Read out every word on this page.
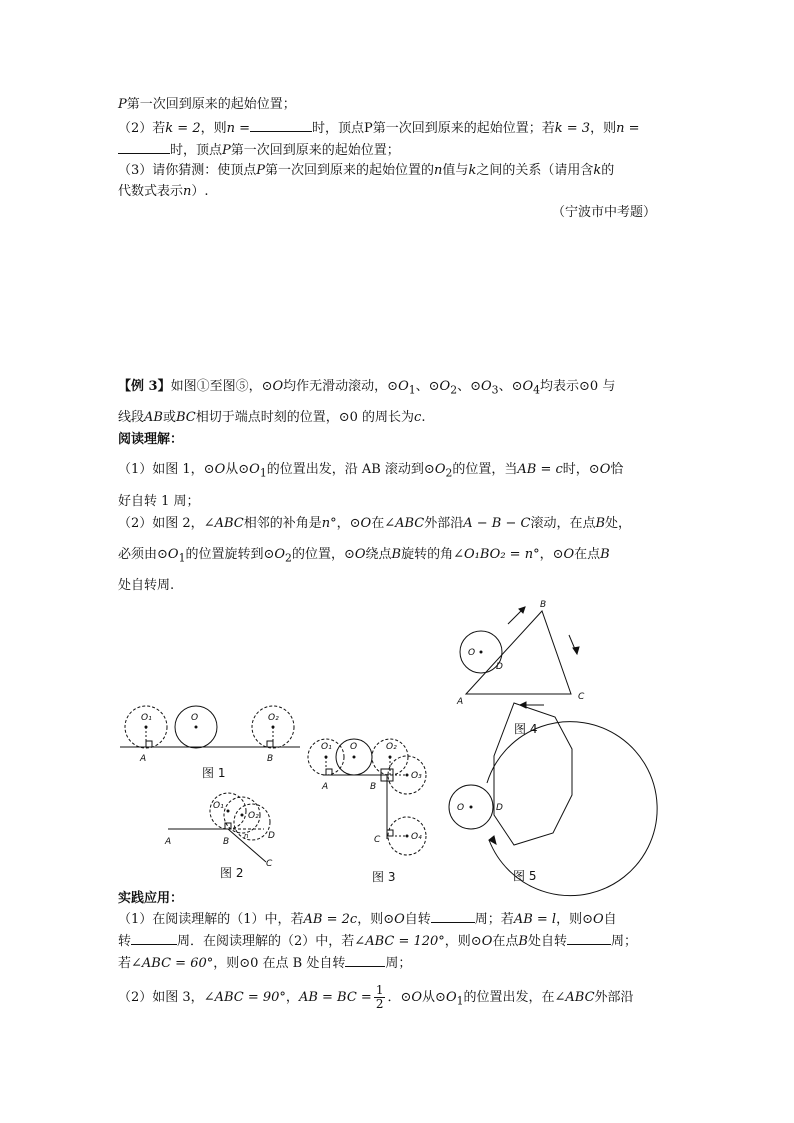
P第一次回到原来的起始位置；
（2）若k = 2，则n =	时，顶点P第一次回到原来的起始位置；若k = 3，则n =
时，顶点P第一次回到原来的起始位置；
（3）请你猜测：使顶点P第一次回到原来的起始位置的n值与k之间的关系（请用含k的
代数式表示n）.
（宁波市中考题）
【例 3】如图①至图⑤，⊙O均作无滑动滚动，$⊙O_1$、$⊙O_2$、$⊙O_3$、$⊙O_4$均表示⊙0 与
线段AB或BC相切于端点时刻的位置，⊙0 的周长为c.
阅读理解：
（1）如图 1，⊙O从$⊙O_1$的位置出发，沿 AB 滚动到$⊙O_2$的位置，当AB = c时，⊙O恰
好自转 1 周；
（2）如图 2，∠ABC相邻的补角是n°，⊙O在∠ABC外部沿A − B − C滚动，在点B处，
必须由$⊙O_1$的位置旋转到$⊙O_2$的位置，⊙O绕点B旋转的角∠O₁BO₂ = n°，⊙O在点B
处自转周.
O₁	O	O₂
A	B
O₁
O₂
A	B
D
C
n
O₁ O	O₂
O₃
O₄
A	B
C
O
D
A
B
C
O	D
图 1
图 2	图 3
图 4
图 5
实践应用：
（1）在阅读理解的（1）中，若AB = 2c，则⊙O自转	周；若AB = l，则⊙O自
转	周．在阅读理解的（2）中，若∠ABC = 120°，则⊙O在点B处自转	周；
若∠ABC = 60°，则⊙0 在点 B 处自转	周；
（2）如图 3，∠ABC = 90°，AB = BC = $\frac{1}{2}$ ．⊙O从$⊙O_1$的位置出发，在∠ABC外部沿
